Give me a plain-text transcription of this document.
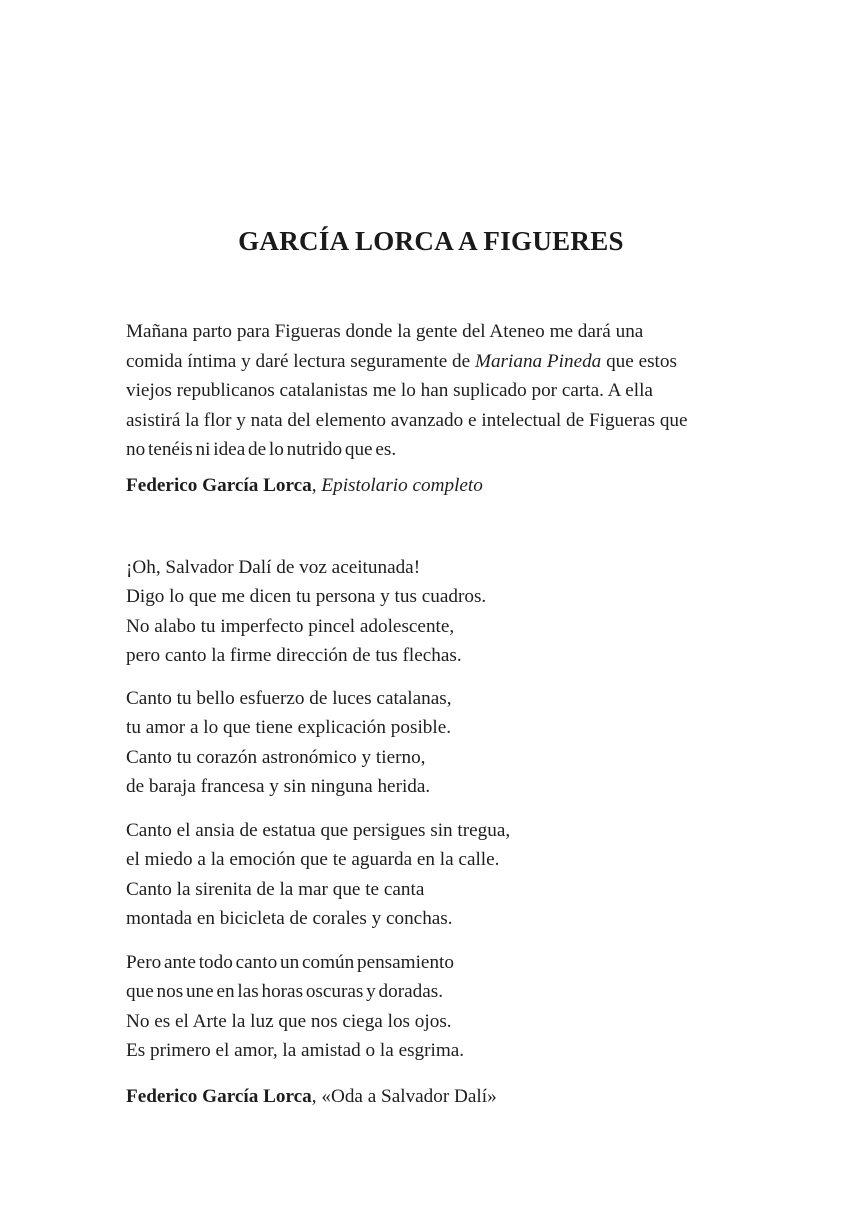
GARCÍA LORCA A FIGUERES

Mañana parto para Figueras donde la gente del Ateneo me dará una

comida íntima y daré lectura seguramente de Mariana Pineda que estos

viejos republicanos catalanistas me lo han suplicado por carta. A ella

asistirá la flor y nata del elemento avanzado e intelectual de Figueras que

no tenéis ni idea de lo nutrido que es.

Federico García Lorca, Epistolario completo

¡Oh, Salvador Dalí de voz aceitunada!
Digo lo que me dicen tu persona y tus cuadros.
No alabo tu imperfecto pincel adolescente,
pero canto la firme dirección de tus flechas.
Canto tu bello esfuerzo de luces catalanas,
tu amor a lo que tiene explicación posible.
Canto tu corazón astronómico y tierno,
de baraja francesa y sin ninguna herida.
Canto el ansia de estatua que persigues sin tregua,
el miedo a la emoción que te aguarda en la calle.
Canto la sirenita de la mar que te canta
montada en bicicleta de corales y conchas.
Pero ante todo canto un común pensamiento
que nos une en las horas oscuras y doradas.
No es el Arte la luz que nos ciega los ojos.
Es primero el amor, la amistad o la esgrima.

Federico García Lorca, «Oda a Salvador Dalí»
